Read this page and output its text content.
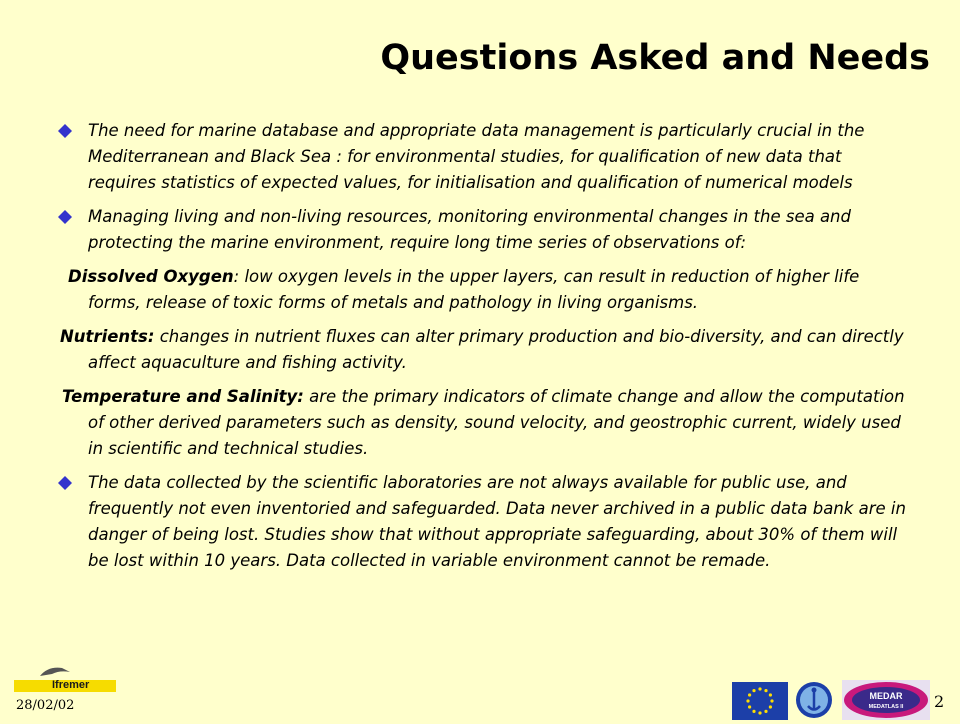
Questions Asked and Needs
The need for marine database and appropriate data management is particularly crucial in the Mediterranean and Black Sea : for environmental studies, for qualification of new data that requires statistics of expected values, for initialisation and qualification of numerical models
Managing living and non-living resources, monitoring environmental changes in the sea and protecting the marine environment, require long time series of observations of:
Dissolved Oxygen: low oxygen levels in the upper layers, can result in reduction of higher life forms, release of toxic forms of metals and pathology in living organisms.
Nutrients: changes in nutrient fluxes can alter primary production and bio-diversity, and can directly affect aquaculture and fishing activity.
Temperature and Salinity: are the primary indicators of climate change and allow the computation of other derived parameters such as density, sound velocity, and geostrophic current, widely used in scientific and technical studies.
The data collected by the scientific laboratories are not always available for public use, and frequently not even inventoried and safeguarded. Data never archived in a public data bank are in danger of being lost. Studies show that without appropriate safeguarding, about 30% of them will be lost within 10 years. Data collected in variable environment cannot be remade.
Ifremer
28/02/02
MEDAR
MEDATLAS II 2
